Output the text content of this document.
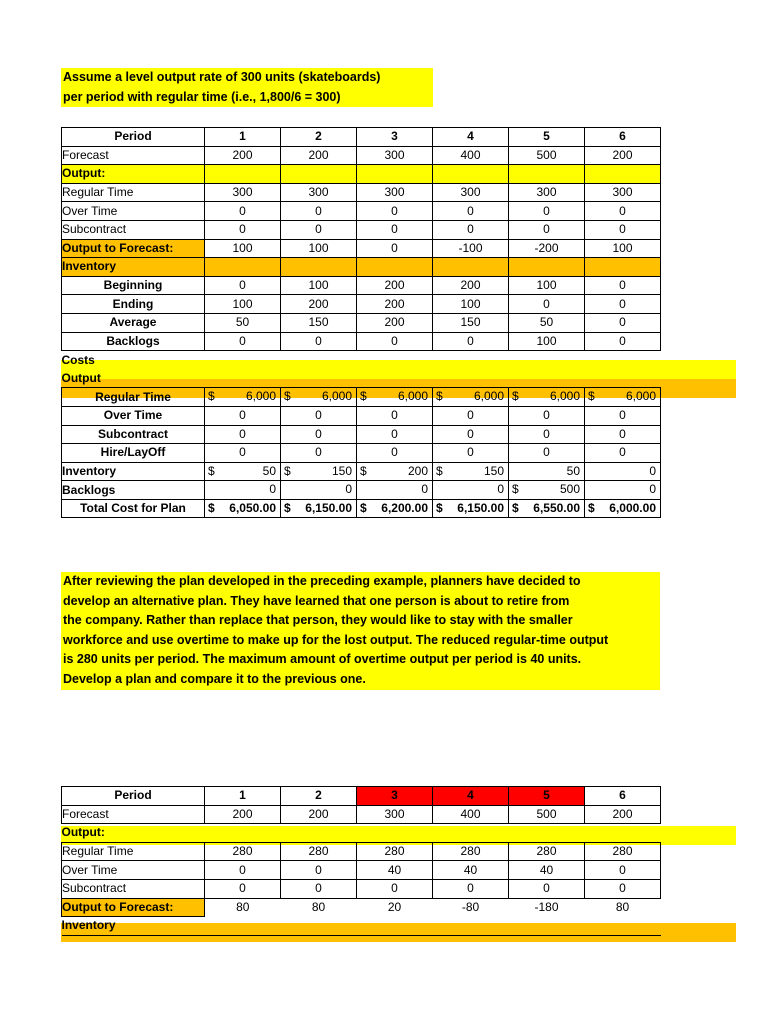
Assume a level output rate of 300 units (skateboards)
per period with regular time (i.e., 1,800/6 = 300)
Period	1	2	3	4	5	6
Forecast	200	200	300	400	500	200
Output:						
Regular Time	300	300	300	300	300	300
Over Time	0	0	0	0	0	0
Subcontract	0	0	0	0	0	0
Output to Forecast:	100	100	0	-100	-200	100
Inventory						
Beginning	0	100	200	200	100	0
Ending	100	200	200	100	0	0
Average	50	150	200	150	50	0
Backlogs	0	0	0	0	100	0
Costs						
Output						
Regular Time	$ 6,000	$ 6,000	$ 6,000	$ 6,000	$ 6,000	$ 6,000

Over Time	0	0	0	0	0	0
Subcontract	0	0	0	0	0	0
Hire/LayOff	0	0	0	0	0	0
Inventory	$ 50	$ 150	$ 200	$ 150	50	0

Backlogs	0	0	0	0	$ 500	0

Total Cost for Plan	$ 6,050.00	$ 6,150.00	$ 6,200.00	$ 6,150.00	$ 6,550.00	$ 6,000.00
After reviewing the plan developed in the preceding example, planners have decided to
develop an alternative plan. They have learned that one person is about to retire from
the company. Rather than replace that person, they would like to stay with the smaller
workforce and use overtime to make up for the lost output. The reduced regular-time output
is 280 units per period. The maximum amount of overtime output per period is 40 units.
Develop a plan and compare it to the previous one.
Period	1	2	3	4	5	6
Forecast	200	200	300	400	500	200
Output:						
Regular Time	280	280	280	280	280	280
Over Time	0	0	40	40	40	0
Subcontract	0	0	0	0	0	0
Output to Forecast:	80	80	20	-80	-180	80
Inventory						
